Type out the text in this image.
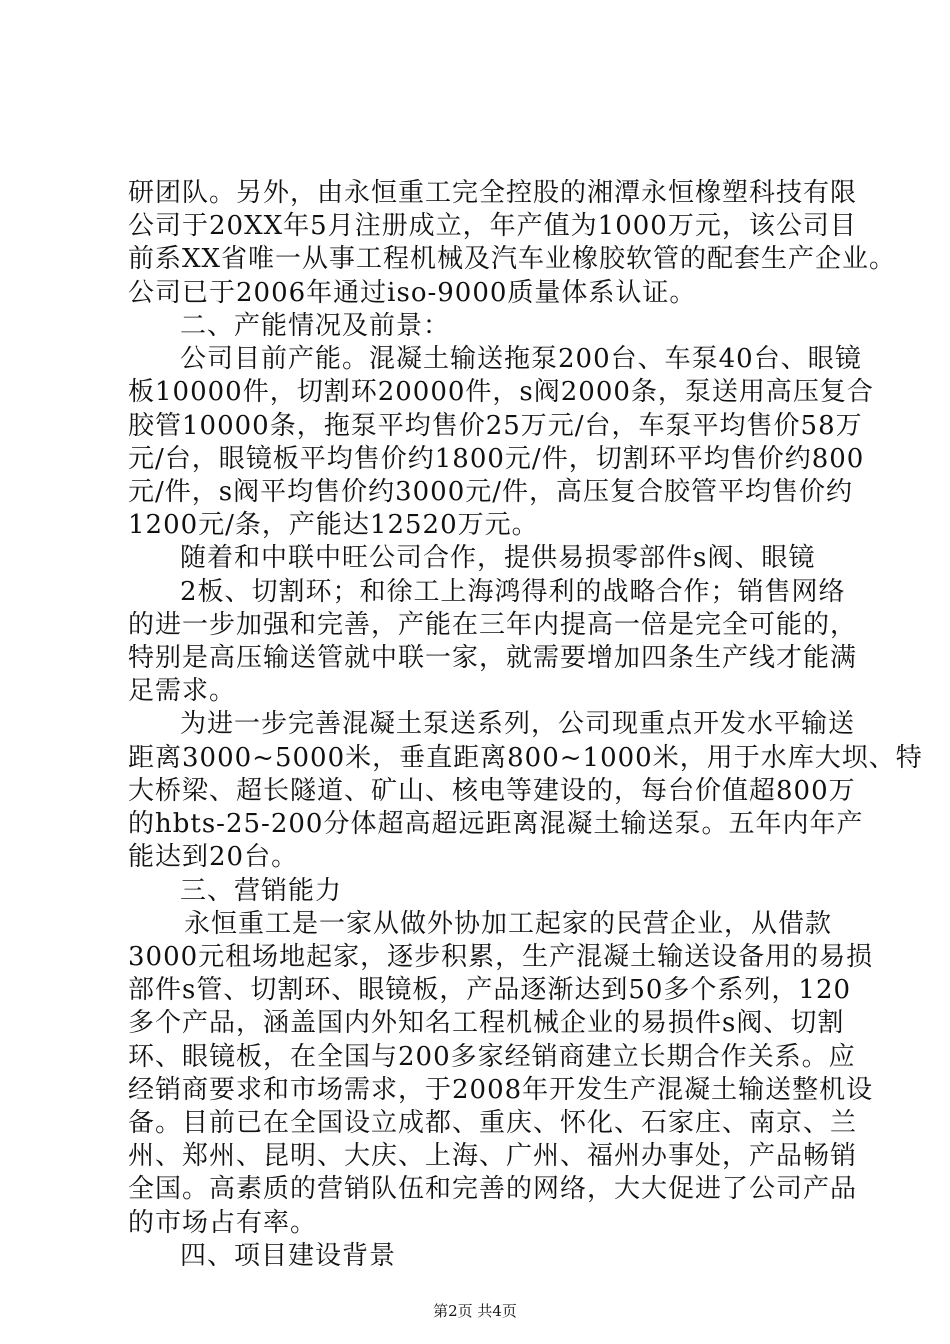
研团队。另外，由永恒重工完全控股的湘潭永恒橡塑科技有限
公司于20XX年5月注册成立，年产值为1000万元，该公司目
前系XX省唯一从事工程机械及汽车业橡胶软管的配套生产企业。
公司已于2006年通过iso-9000质量体系认证。
二、产能情况及前景：
公司目前产能。混凝土输送拖泵200台、车泵40台、眼镜
板10000件，切割环20000件，s阀2000条，泵送用高压复合
胶管10000条，拖泵平均售价25万元/台，车泵平均售价58万
元/台，眼镜板平均售价约1800元/件，切割环平均售价约800
元/件，s阀平均售价约3000元/件，高压复合胶管平均售价约
1200元/条，产能达12520万元。
随着和中联中旺公司合作，提供易损零部件s阀、眼镜
2板、切割环；和徐工上海鸿得利的战略合作；销售网络
的进一步加强和完善，产能在三年内提高一倍是完全可能的，
特别是高压输送管就中联一家，就需要增加四条生产线才能满
足需求。
为进一步完善混凝土泵送系列，公司现重点开发水平输送
距离3000~5000米，垂直距离800~1000米，用于水库大坝、特
大桥梁、超长隧道、矿山、核电等建设的，每台价值超800万
的hbts-25-200分体超高超远距离混凝土输送泵。五年内年产
能达到20台。
三、营销能力
永恒重工是一家从做外协加工起家的民营企业，从借款
3000元租场地起家，逐步积累，生产混凝土输送设备用的易损
部件s管、切割环、眼镜板，产品逐渐达到50多个系列，120
多个产品，涵盖国内外知名工程机械企业的易损件s阀、切割
环、眼镜板，在全国与200多家经销商建立长期合作关系。应
经销商要求和市场需求，于2008年开发生产混凝土输送整机设
备。目前已在全国设立成都、重庆、怀化、石家庄、南京、兰
州、郑州、昆明、大庆、上海、广州、福州办事处，产品畅销
全国。高素质的营销队伍和完善的网络，大大促进了公司产品
的市场占有率。
四、项目建设背景
第2页 共4页
